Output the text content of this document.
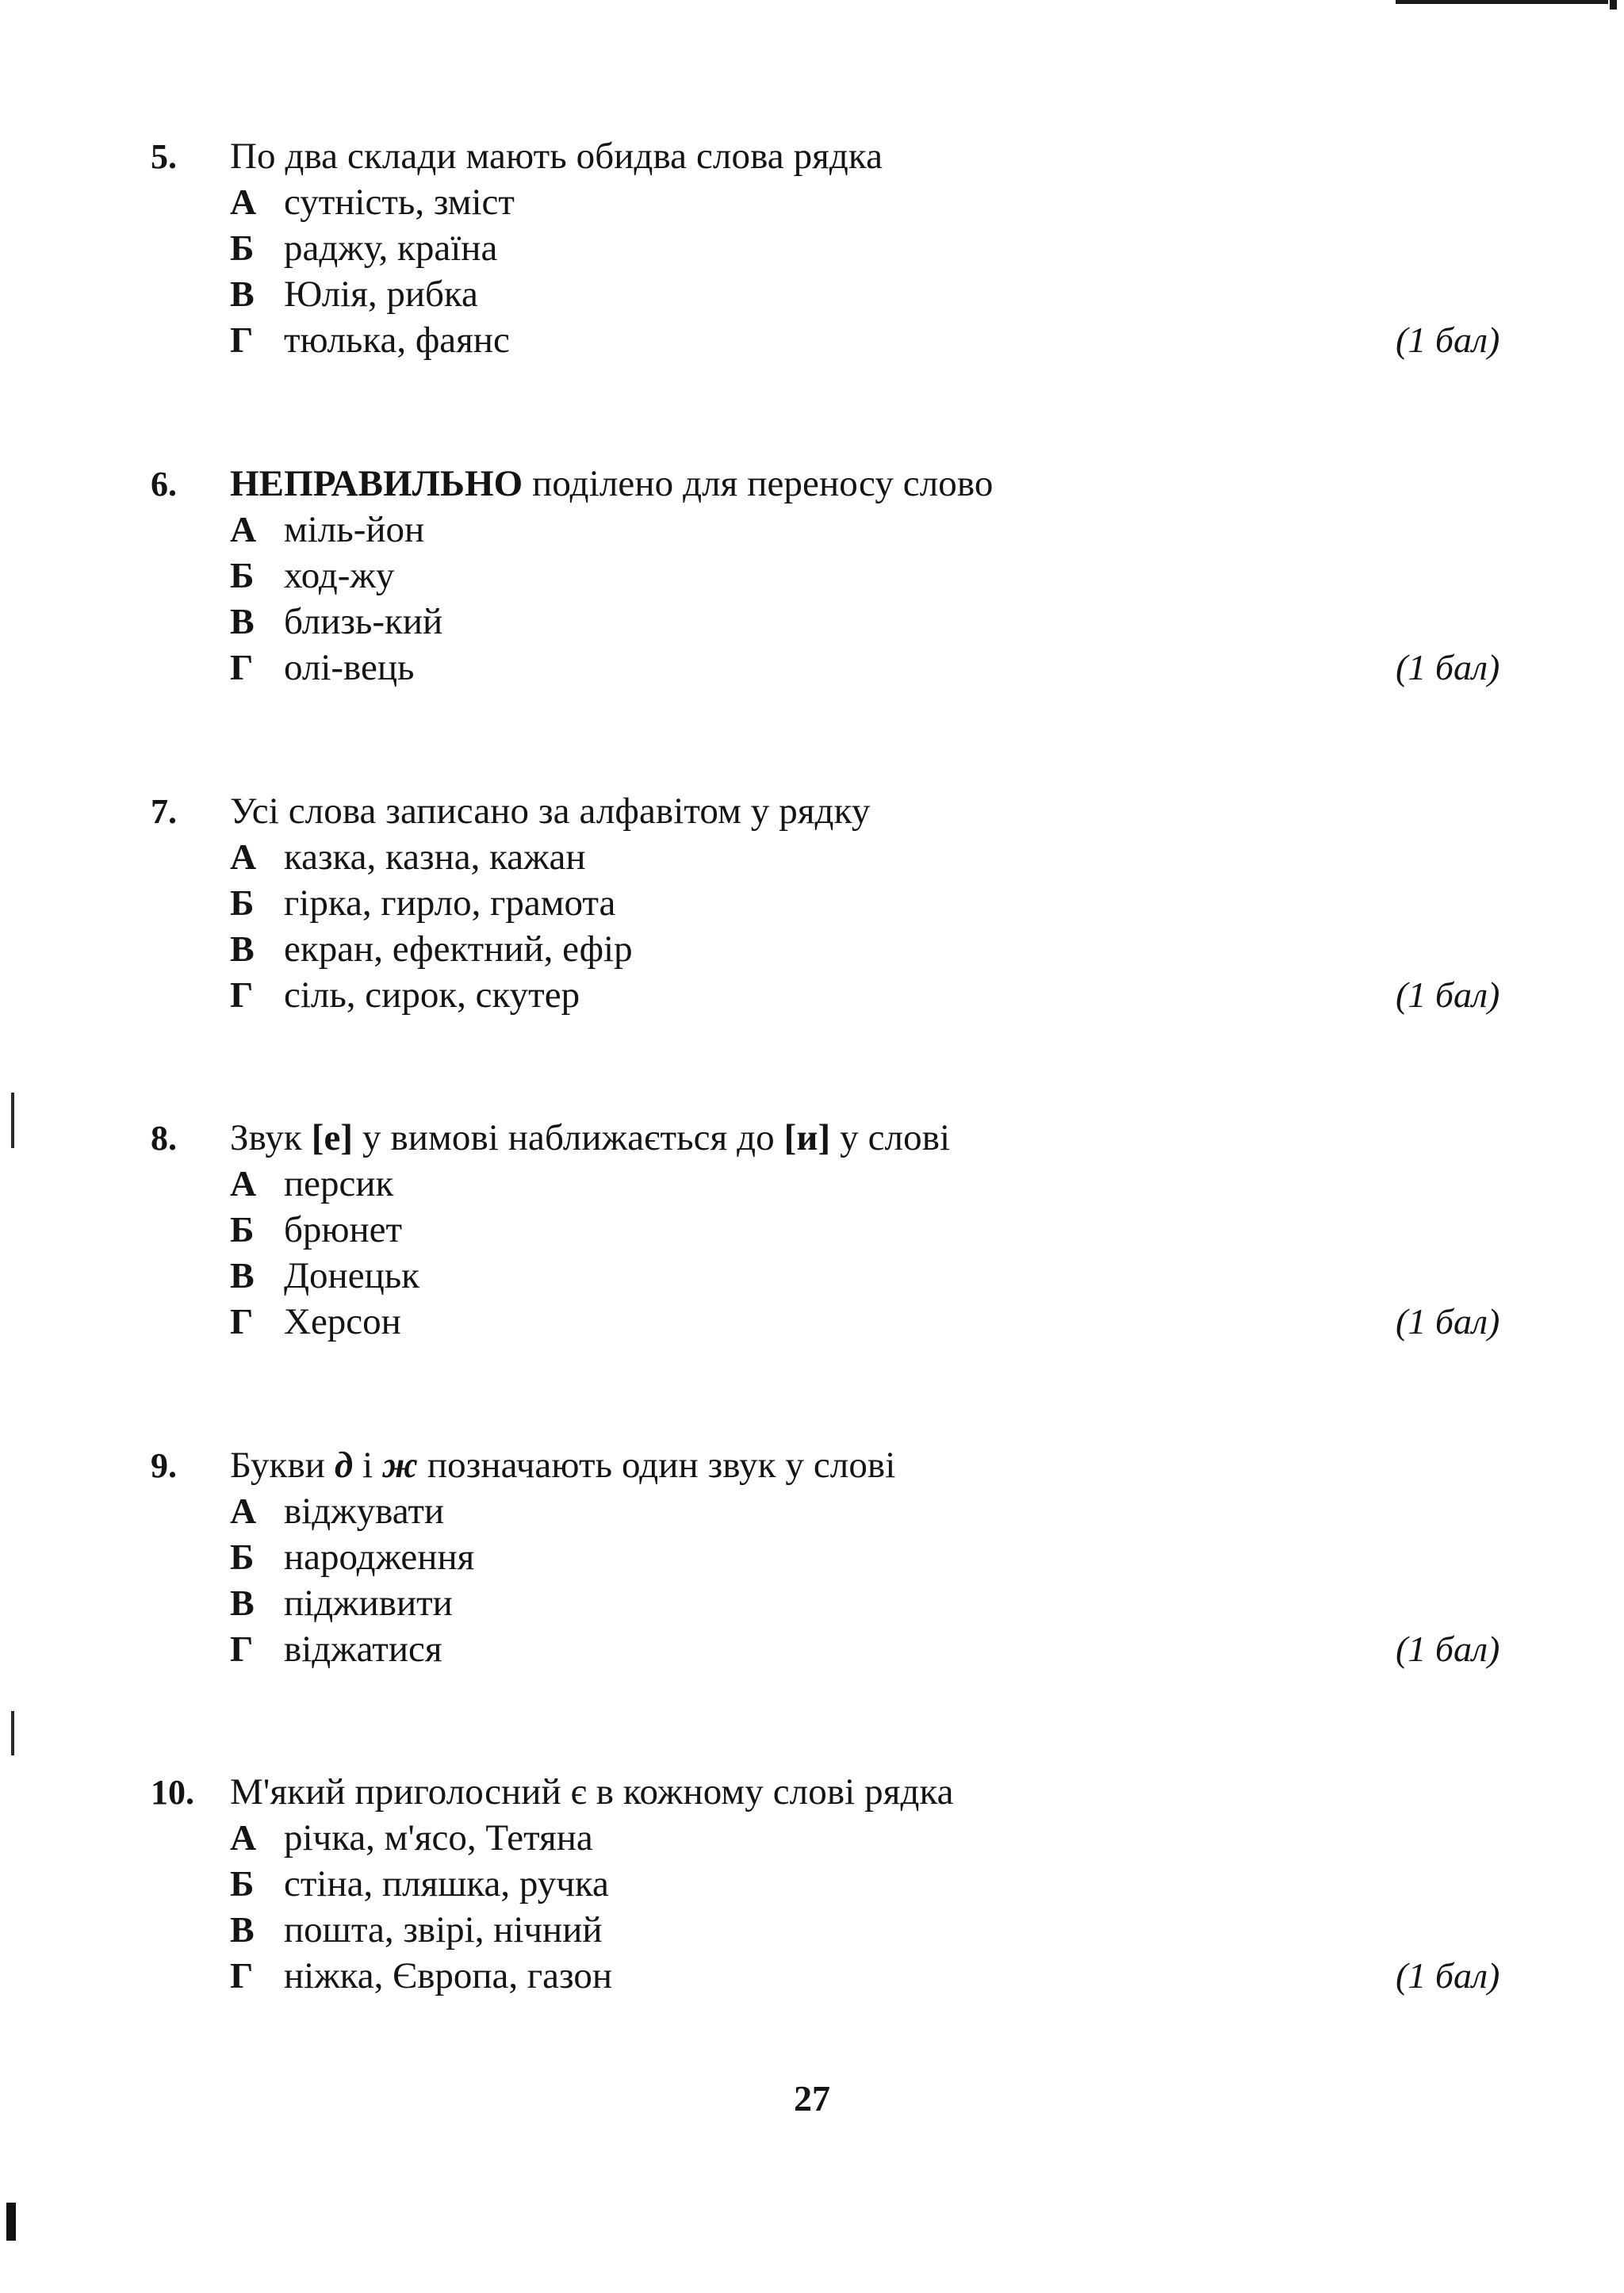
5.	По два склади мають обидва слова рядка
А сутність, зміст
Б раджу, країна
В Юлія, рибка
Г тюлька, фаянс	(1 бал)
6.	НЕПРАВИЛЬНО поділено для переносу слово
А міль-йон
Б ход-жу
В близь-кий
Г олі-вець	(1 бал)
7.	Усі слова записано за алфавітом у рядку
А казка, казна, кажан
Б гірка, гирло, грамота
В екран, ефектний, ефір
Г сіль, сирок, скутер	(1 бал)
8.	Звук [е] у вимові наближається до [и] у слові
А персик
Б брюнет
В Донецьк
Г Херсон	(1 бал)
9.	Букви д і ж позначають один звук у слові
А віджувати
Б народження
В підживити
Г віджатися	(1 бал)
10. М'який приголосний є в кожному слові рядка
А річка, м'ясо, Тетяна
Б стіна, пляшка, ручка
В пошта, звірі, нічний
Г ніжка, Європа, газон	(1 бал)
27
